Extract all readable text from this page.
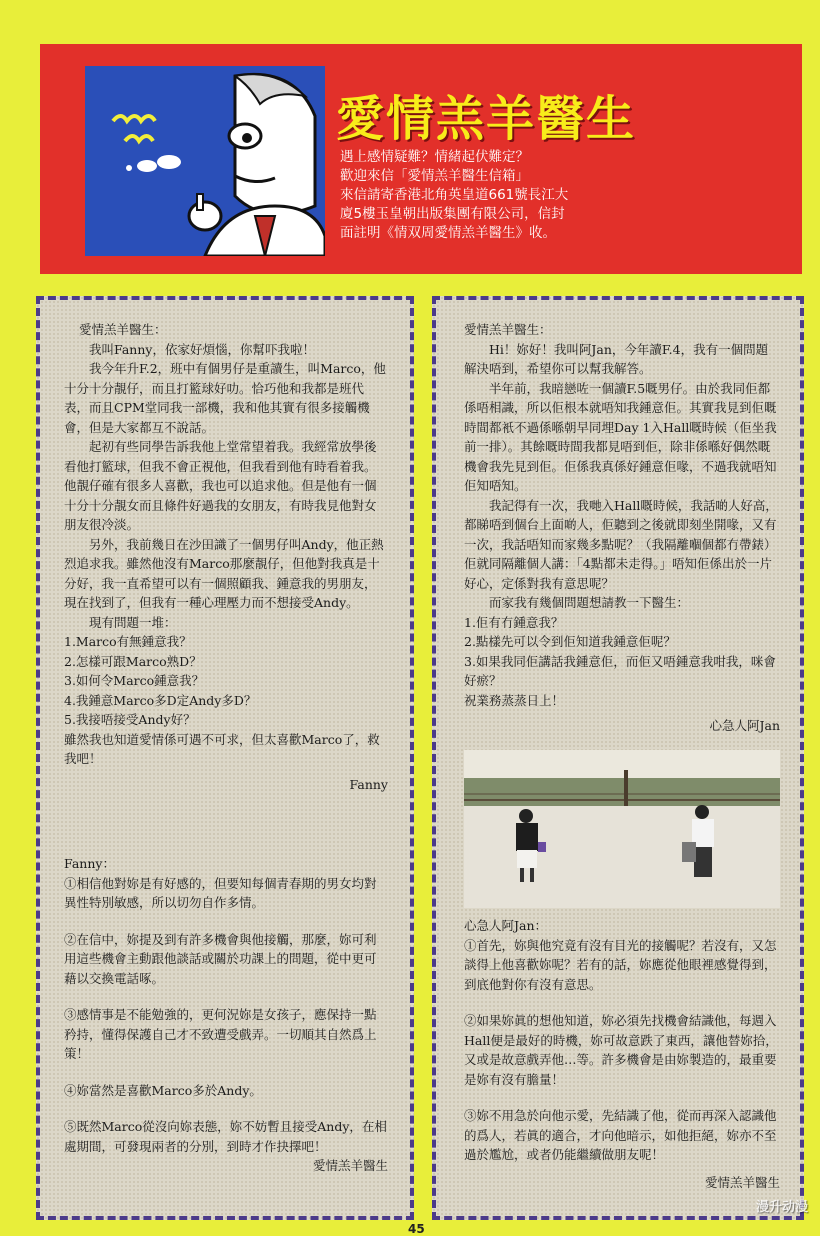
愛情羔羊醫生
遇上感情疑難？情緒起伏難定？
歡迎來信「愛情羔羊醫生信箱」
來信請寄香港北角英皇道661號長江大
廈5樓玉皇朝出版集團有限公司，信封
面註明《情双周愛情羔羊醫生》收。
愛情羔羊醫生：
我叫Fanny，依家好煩惱，你幫吓我啦！
我今年升F.2，班中有個男仔是重讀生，叫Marco，他十分十分靚仔，而且打籃球好叻。恰巧他和我都是班代表，而且CPM堂同我一部機，我和他其實有很多接觸機會，但是大家都互不說話。
起初有些同學告訴我他上堂常望着我。我經常放學後看他打籃球，但我不會正視他，但我看到他有時看着我。他靚仔確有很多人喜歡，我也可以追求他。但是他有一個十分十分靚女而且條件好過我的女朋友，有時我見他對女朋友很冷淡。
另外，我前幾日在沙田識了一個男仔叫Andy，他正熱烈追求我。雖然他沒有Marco那麼靚仔，但他對我真是十分好，我一直希望可以有一個照顧我、鍾意我的男朋友，現在找到了，但我有一種心理壓力而不想接受Andy。
現有問題一堆：
1.Marco有無鍾意我？
2.怎樣可跟Marco熟D？
3.如何令Marco鍾意我？
4.我鍾意Marco多D定Andy多D？
5.我接唔接受Andy好？
雖然我也知道愛情係可遇不可求，但太喜歡Marco了，救我吧！
Fanny
Fanny：
①相信他對妳是有好感的，但要知每個青春期的男女均對異性特別敏感，所以切勿自作多情。
②在信中，妳提及到有許多機會與他接觸，那麼，妳可利用這些機會主動跟他談話或關於功課上的問題，從中更可藉以交換電話啄。
③感情事是不能勉強的，更何況妳是女孩子，應保持一點矜持，懂得保護自己才不致遭受戲弄。一切順其自然爲上策！
④妳當然是喜歡Marco多於Andy。
⑤既然Marco從沒向妳表態，妳不妨暫且接受Andy，在相處期間，可發現兩者的分別，到時才作抉擇吧！
愛情羔羊醫生
愛情羔羊醫生：
Hi！妳好！我叫阿Jan，今年讀F.4，我有一個問題解決唔到，希望你可以幫我解答。
半年前，我暗戀咗一個讀F.5嘅男仔。由於我同佢都係唔相識，所以佢根本就唔知我鍾意佢。其實我見到佢嘅時間都衹不過係喺朝早同埋Day 1入Hall嘅時候（佢坐我前一排）。其餘嘅時間我都見唔到佢，除非係喺好偶然嘅機會我先見到佢。佢係我真係好鍾意佢喙，不過我就唔知佢知唔知。
我記得有一次，我哋入Hall嘅時候，我話啲人好高，都睇唔到個台上面啲人，佢聽到之後就即刻坐開喙，又有一次，我話唔知而家幾多點呢？（我隔離嗰個都冇帶錶）佢就同隔離個人講：「4點都未走得。」唔知佢係出於一片好心，定係對我有意思呢？
而家我有幾個問題想請教一下醫生：
1.佢有冇鍾意我？
2.點樣先可以令到佢知道我鍾意佢呢？
3.如果我同佢講話我鍾意佢，而佢又唔鍾意我咁我，咪會好瘀？
祝業務蒸蒸日上！
心急人阿Jan
心急人阿Jan：
①首先，妳與他究竟有沒有目光的接觸呢？若沒有，又怎談得上他喜歡妳呢？若有的話，妳應從他眼裡感覺得到，到底他對你有沒有意思。
②如果妳眞的想他知道，妳必須先找機會結識他，每週入Hall便是最好的時機，妳可故意跌了東西，讓他替妳拾，又或是故意戲弄他…等。許多機會是由妳製造的，最重要是妳有沒有膽量！
③妳不用急於向他示愛，先結識了他，從而再深入認識他的爲人，若眞的適合，才向他暗示，如他拒絕，妳亦不至過於尷尬，或者仍能繼續做朋友呢！
愛情羔羊醫生
45
漫升动漫
